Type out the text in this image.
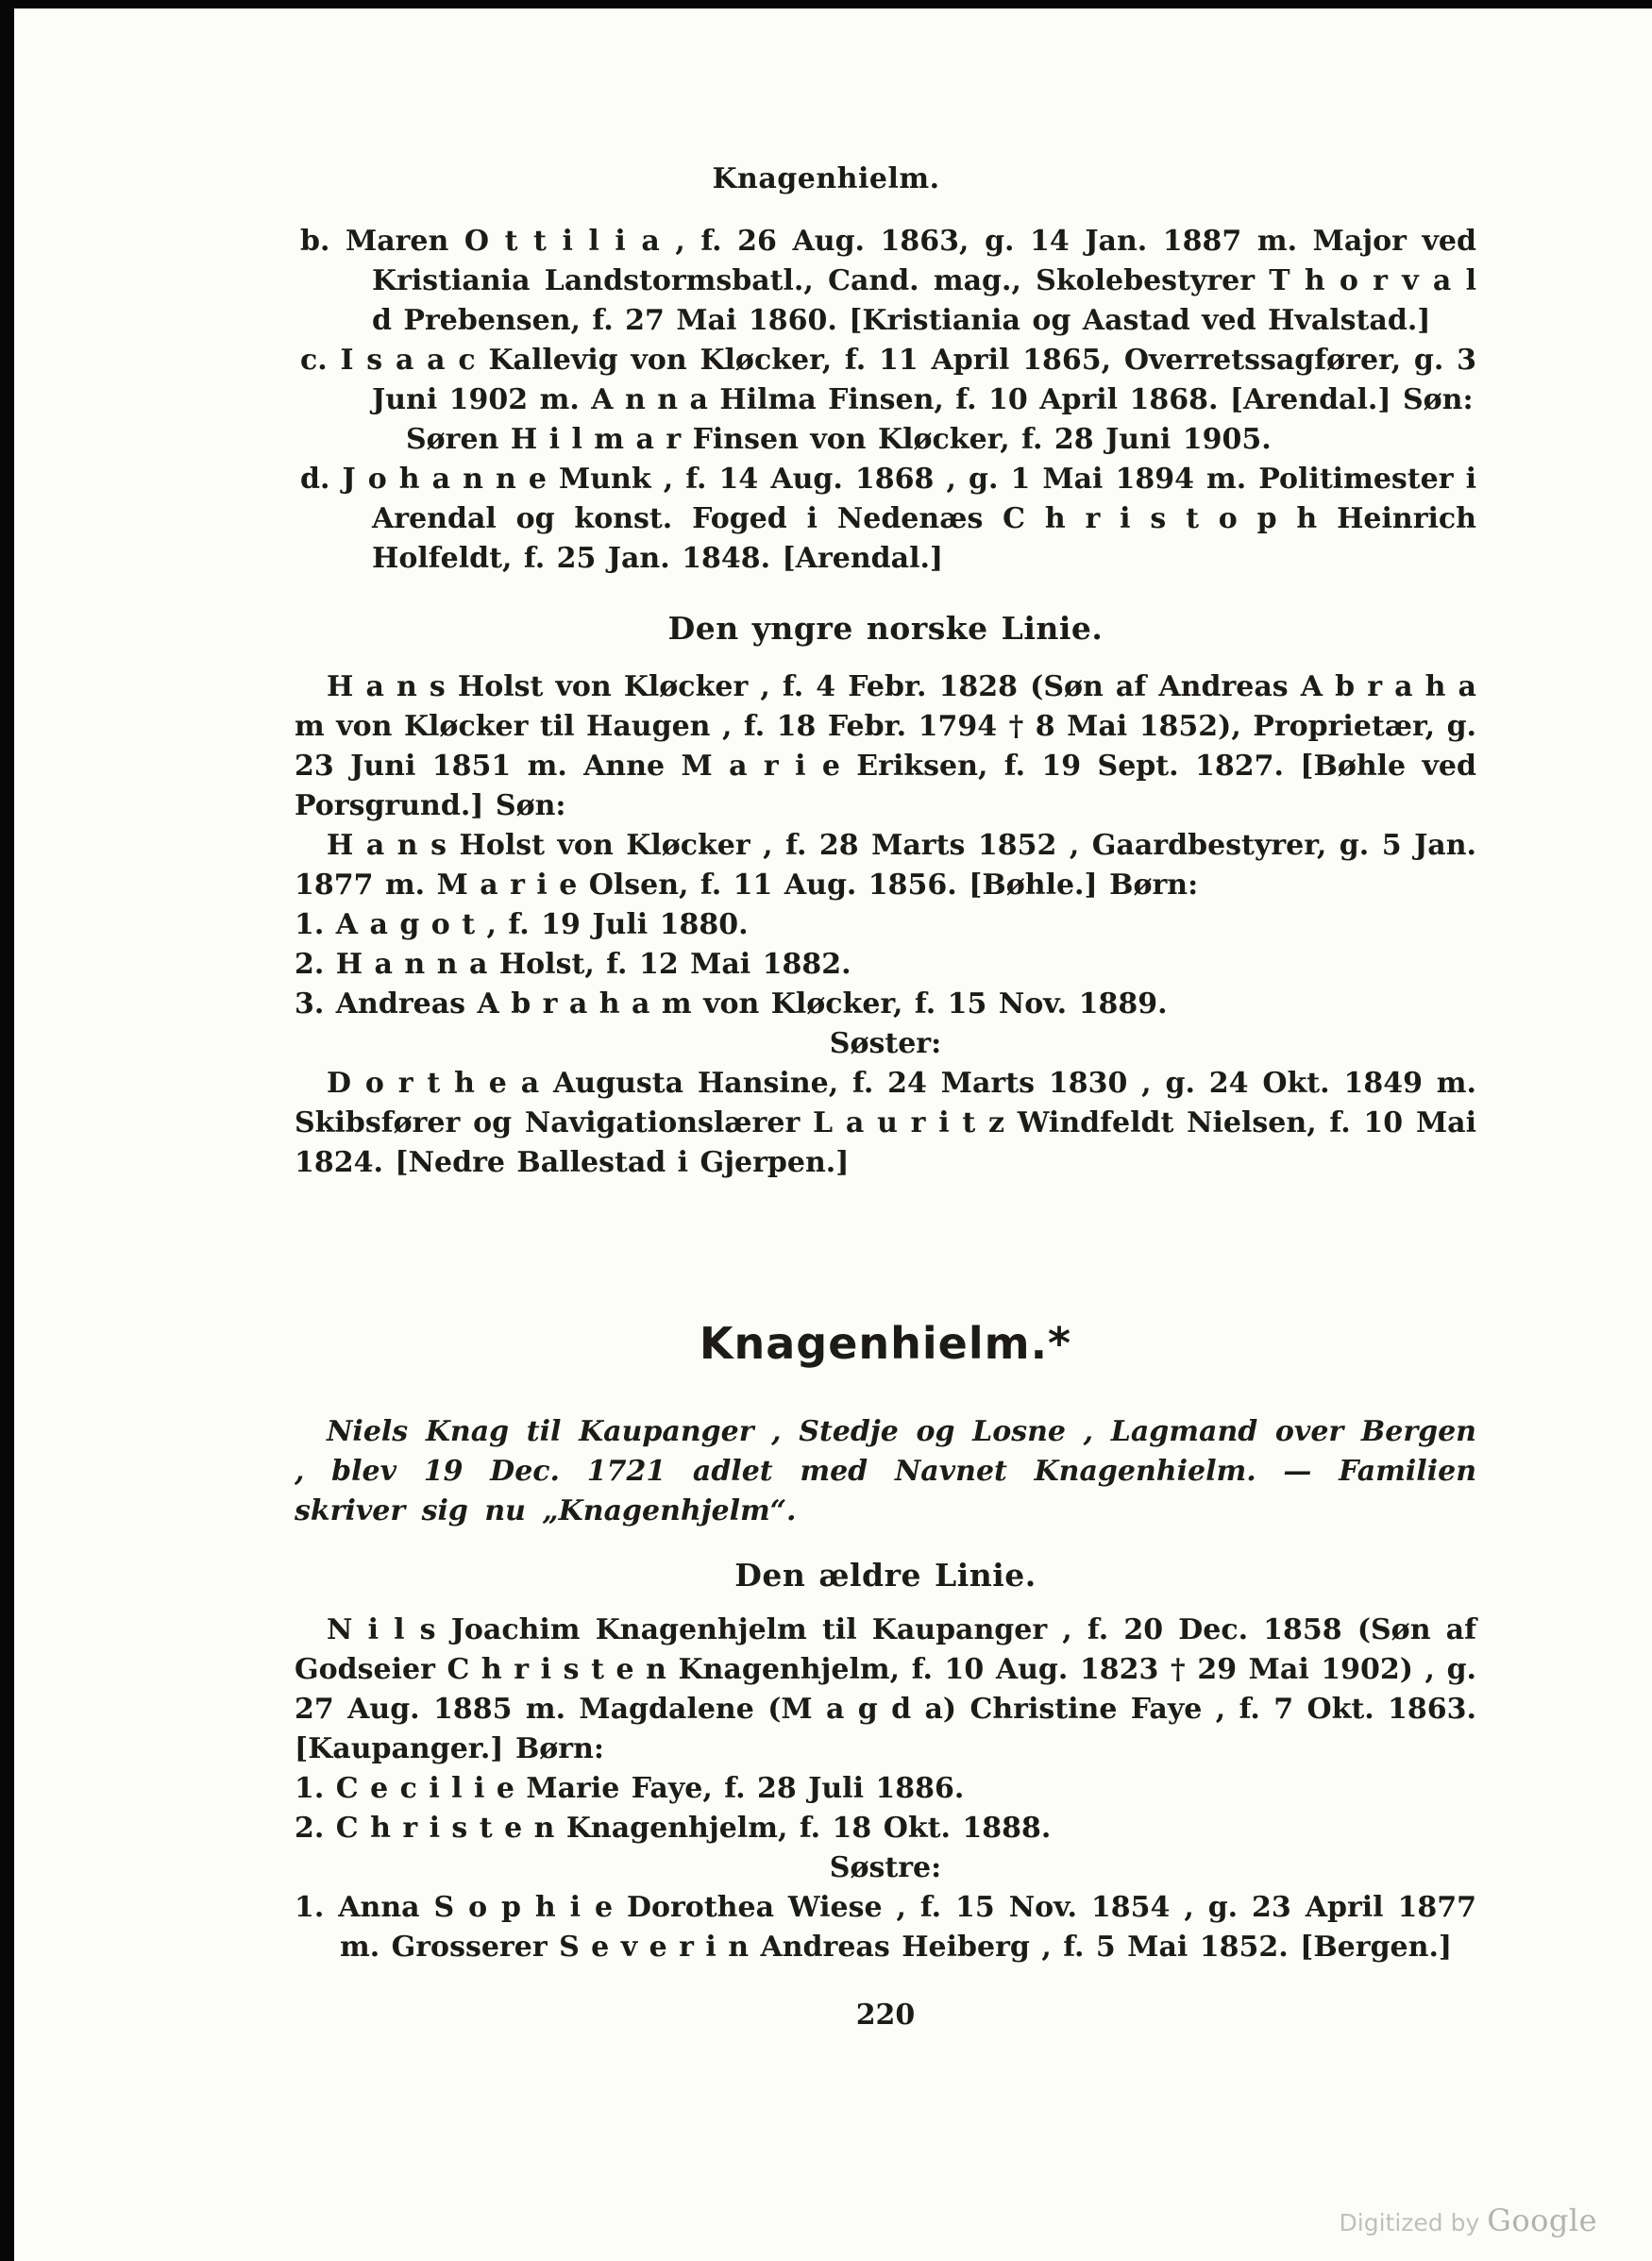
Knagenhielm.

b. Maren O t t i l i a , f. 26 Aug. 1863, g. 14 Jan. 1887 m. Major ved Kristiania Landstormsbatl., Cand. mag., Skolebestyrer T h o r v a l d Prebensen, f. 27 Mai 1860. [Kristiania og Aastad ved Hvalstad.]

c. I s a a c Kallevig von Kløcker, f. 11 April 1865, Overretssagfører, g. 3 Juni 1902 m. A n n a Hilma Finsen, f. 10 April 1868. [Arendal.] Søn:

Søren H i l m a r Finsen von Kløcker, f. 28 Juni 1905.

d. J o h a n n e Munk , f. 14 Aug. 1868 , g. 1 Mai 1894 m. Politimester i Arendal og konst. Foged i Nedenæs C h r i s t o p h Heinrich Holfeldt, f. 25 Jan. 1848. [Arendal.]

Den yngre norske Linie.

H a n s Holst von Kløcker , f. 4 Febr. 1828 (Søn af Andreas A b r a h a m von Kløcker til Haugen , f. 18 Febr. 1794 † 8 Mai 1852), Proprietær, g. 23 Juni 1851 m. Anne M a r i e Eriksen, f. 19 Sept. 1827. [Bøhle ved Porsgrund.] Søn:

H a n s Holst von Kløcker , f. 28 Marts 1852 , Gaardbestyrer, g. 5 Jan. 1877 m. M a r i e Olsen, f. 11 Aug. 1856. [Bøhle.] Børn:

1. A a g o t , f. 19 Juli 1880.

2. H a n n a Holst, f. 12 Mai 1882.

3. Andreas A b r a h a m von Kløcker, f. 15 Nov. 1889.

Søster:

D o r t h e a Augusta Hansine, f. 24 Marts 1830 , g. 24 Okt. 1849 m. Skibsfører og Navigationslærer L a u r i t z Windfeldt Nielsen, f. 10 Mai 1824. [Nedre Ballestad i Gjerpen.]

Knagenhielm.*

Niels Knag til Kaupanger , Stedje og Losne , Lagmand over Bergen , blev 19 Dec. 1721 adlet med Navnet Knagenhielm. — Familien skriver sig nu „Knagenhjelm“.

Den ældre Linie.

N i l s Joachim Knagenhjelm til Kaupanger , f. 20 Dec. 1858 (Søn af Godseier C h r i s t e n Knagenhjelm, f. 10 Aug. 1823 † 29 Mai 1902) , g. 27 Aug. 1885 m. Magdalene (M a g d a) Christine Faye , f. 7 Okt. 1863. [Kaupanger.] Børn:

1. C e c i l i e Marie Faye, f. 28 Juli 1886.

2. C h r i s t e n Knagenhjelm, f. 18 Okt. 1888.

Søstre:

1. Anna S o p h i e Dorothea Wiese , f. 15 Nov. 1854 , g. 23 April 1877 m. Grosserer S e v e r i n Andreas Heiberg , f. 5 Mai 1852. [Bergen.]

220
Digitized by Google
